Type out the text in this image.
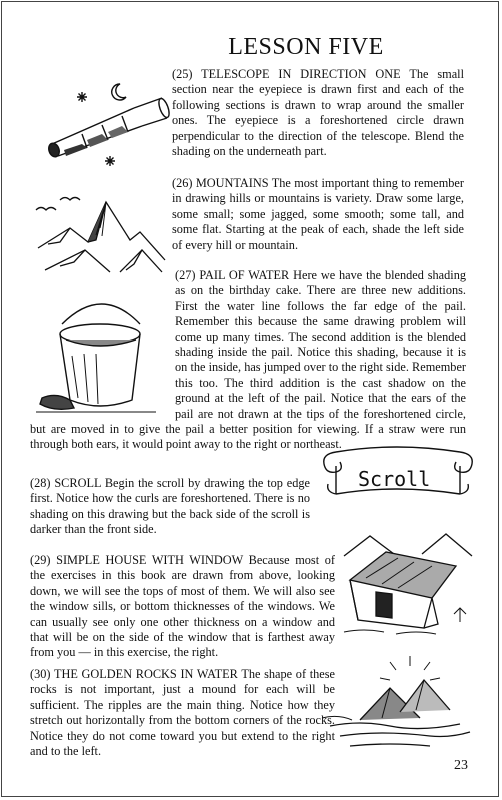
LESSON FIVE
Scroll
(25) TELESCOPE IN DIRECTION ONE The small section near the eyepiece is drawn first and each of the following sections is drawn to wrap around the smaller ones. The eyepiece is a foreshortened circle drawn perpendicular to the direction of the telescope. Blend the shading on the underneath part.
(26) MOUNTAINS The most important thing to remember in drawing hills or mountains is variety. Draw some large, some small; some jagged, some smooth; some tall, and some flat. Starting at the peak of each, shade the left side of every hill or mountain.
(27) PAIL OF WATER Here we have the blended shading as on the birthday cake. There are three new additions. First the water line follows the far edge of the pail. Remember this because the same drawing problem will come up many times. The second addition is the blended shading inside the pail. Notice this shading, because it is on the inside, has jumped over to the right side. Remember this too. The third addition is the cast shadow on the ground at the left of the pail. Notice that the ears of the pail are not drawn at the tips of the foreshortened circle, but are moved in to give the pail a better position for viewing. If a straw were run through both ears, it would point away to the right or northeast.
(28) SCROLL Begin the scroll by drawing the top edge first. Notice how the curls are foreshortened. There is no shading on this drawing but the back side of the scroll is darker than the front side.
(29) SIMPLE HOUSE WITH WINDOW Because most of the exercises in this book are drawn from above, looking down, we will see the tops of most of them. We will also see the window sills, or bottom thicknesses of the windows. We can usually see only one other thickness on a window and that will be on the side of the window that is farthest away from you — in this exercise, the right.
(30) THE GOLDEN ROCKS IN WATER The shape of these rocks is not important, just a mound for each will be sufficient. The ripples are the main thing. Notice how they stretch out horizontally from the bottom corners of the rocks. Notice they do not come toward you but extend to the right and to the left.
23
